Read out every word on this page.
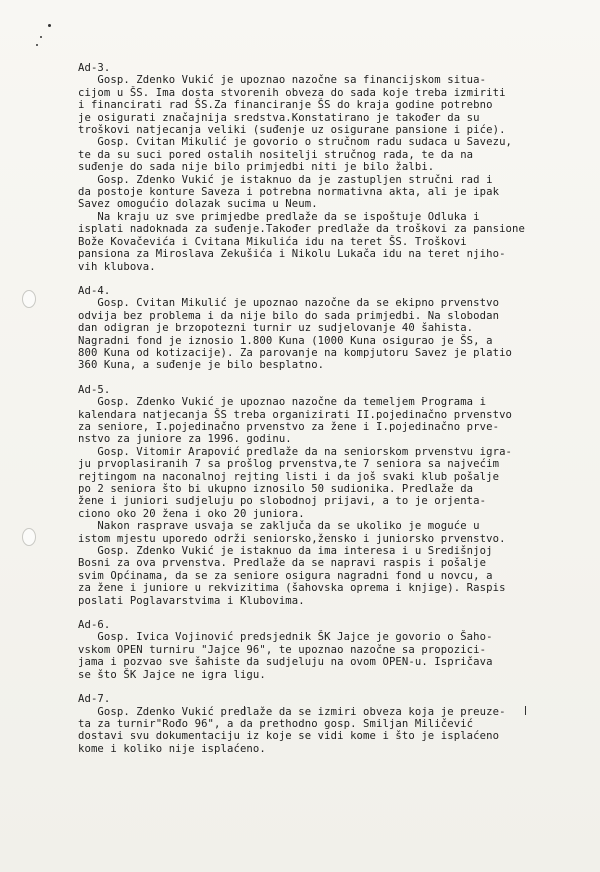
Ad-3.
Gosp. Zdenko Vukić je upoznao nazočne sa financijskom situa-
cijom u ŠS. Ima dosta stvorenih obveza do sada koje treba izmiriti
i financirati rad ŠS.Za financiranje ŠS do kraja godine potrebno
je osigurati značajnija sredstva.Konstatirano je također da su
troškovi natjecanja veliki (suđenje uz osigurane pansione i piće).
Gosp. Cvitan Mikulić je govorio o stručnom radu sudaca u Savezu,
te da su suci pored ostalih nositelji stručnog rada, te da na
suđenje do sada nije bilo primjedbi niti je bilo žalbi.
Gosp. Zdenko Vukić je istaknuo da je zastupljen stručni rad i
da postoje konture Saveza i potrebna normativna akta, ali je ipak
Savez omogućio dolazak sucima u Neum.
Na kraju uz sve primjedbe predlaže da se ispoštuje Odluka i
isplati nadoknada za suđenje.Također predlaže da troškovi za pansione
Bože Kovačevića i Cvitana Mikulića idu na teret ŠS. Troškovi
pansiona za Miroslava Zekušića i Nikolu Lukača idu na teret njiho-
vih klubova.
Ad-4.
Gosp. Cvitan Mikulić je upoznao nazočne da se ekipno prvenstvo
odvija bez problema i da nije bilo do sada primjedbi. Na slobodan
dan odigran je brzopotezni turnir uz sudjelovanje 40 šahista.
Nagradni fond je iznosio 1.800 Kuna (1000 Kuna osigurao je ŠS, a
800 Kuna od kotizacije). Za parovanje na kompjutoru Savez je platio
360 Kuna, a suđenje je bilo besplatno.
Ad-5.
Gosp. Zdenko Vukić je upoznao nazočne da temeljem Programa i
kalendara natjecanja ŠS treba organizirati II.pojedinačno prvenstvo
za seniore, I.pojedinačno prvenstvo za žene i I.pojedinačno prve-
nstvo za juniore za 1996. godinu.
Gosp. Vitomir Arapović predlaže da na seniorskom prvenstvu igra-
ju prvoplasiranih 7 sa prošlog prvenstva,te 7 seniora sa najvećim
rejtingom na naconalnoj rejting listi i da još svaki klub pošalje
po 2 seniora što bi ukupno iznosilo 50 sudionika. Predlaže da
žene i juniori sudjeluju po slobodnoj prijavi, a to je orjenta-
ciono oko 20 žena i oko 20 juniora.
Nakon rasprave usvaja se zaključa da se ukoliko je moguće u
istom mjestu uporedo održi seniorsko,žensko i juniorsko prvenstvo.
Gosp. Zdenko Vukić je istaknuo da ima interesa i u Središnjoj
Bosni za ova prvenstva. Predlaže da se napravi raspis i pošalje
svim Općinama, da se za seniore osigura nagradni fond u novcu, a
za žene i juniore u rekvizitima (šahovska oprema i knjige). Raspis
poslati Poglavarstvima i Klubovima.
Ad-6.
Gosp. Ivica Vojinović predsjednik ŠK Jajce je govorio o Šaho-
vskom OPEN turniru "Jajce 96", te upoznao nazočne sa propozici-
jama i pozvao sve šahiste da sudjeluju na ovom OPEN-u. Ispričava
se što ŠK Jajce ne igra ligu.
Ad-7.
Gosp. Zdenko Vukić predlaže da se izmiri obveza koja je preuze-
ta za turnir"Rođo 96", a da prethodno gosp. Smiljan Miličević
dostavi svu dokumentaciju iz koje se vidi kome i što je isplaćeno
kome i koliko nije isplaćeno.
